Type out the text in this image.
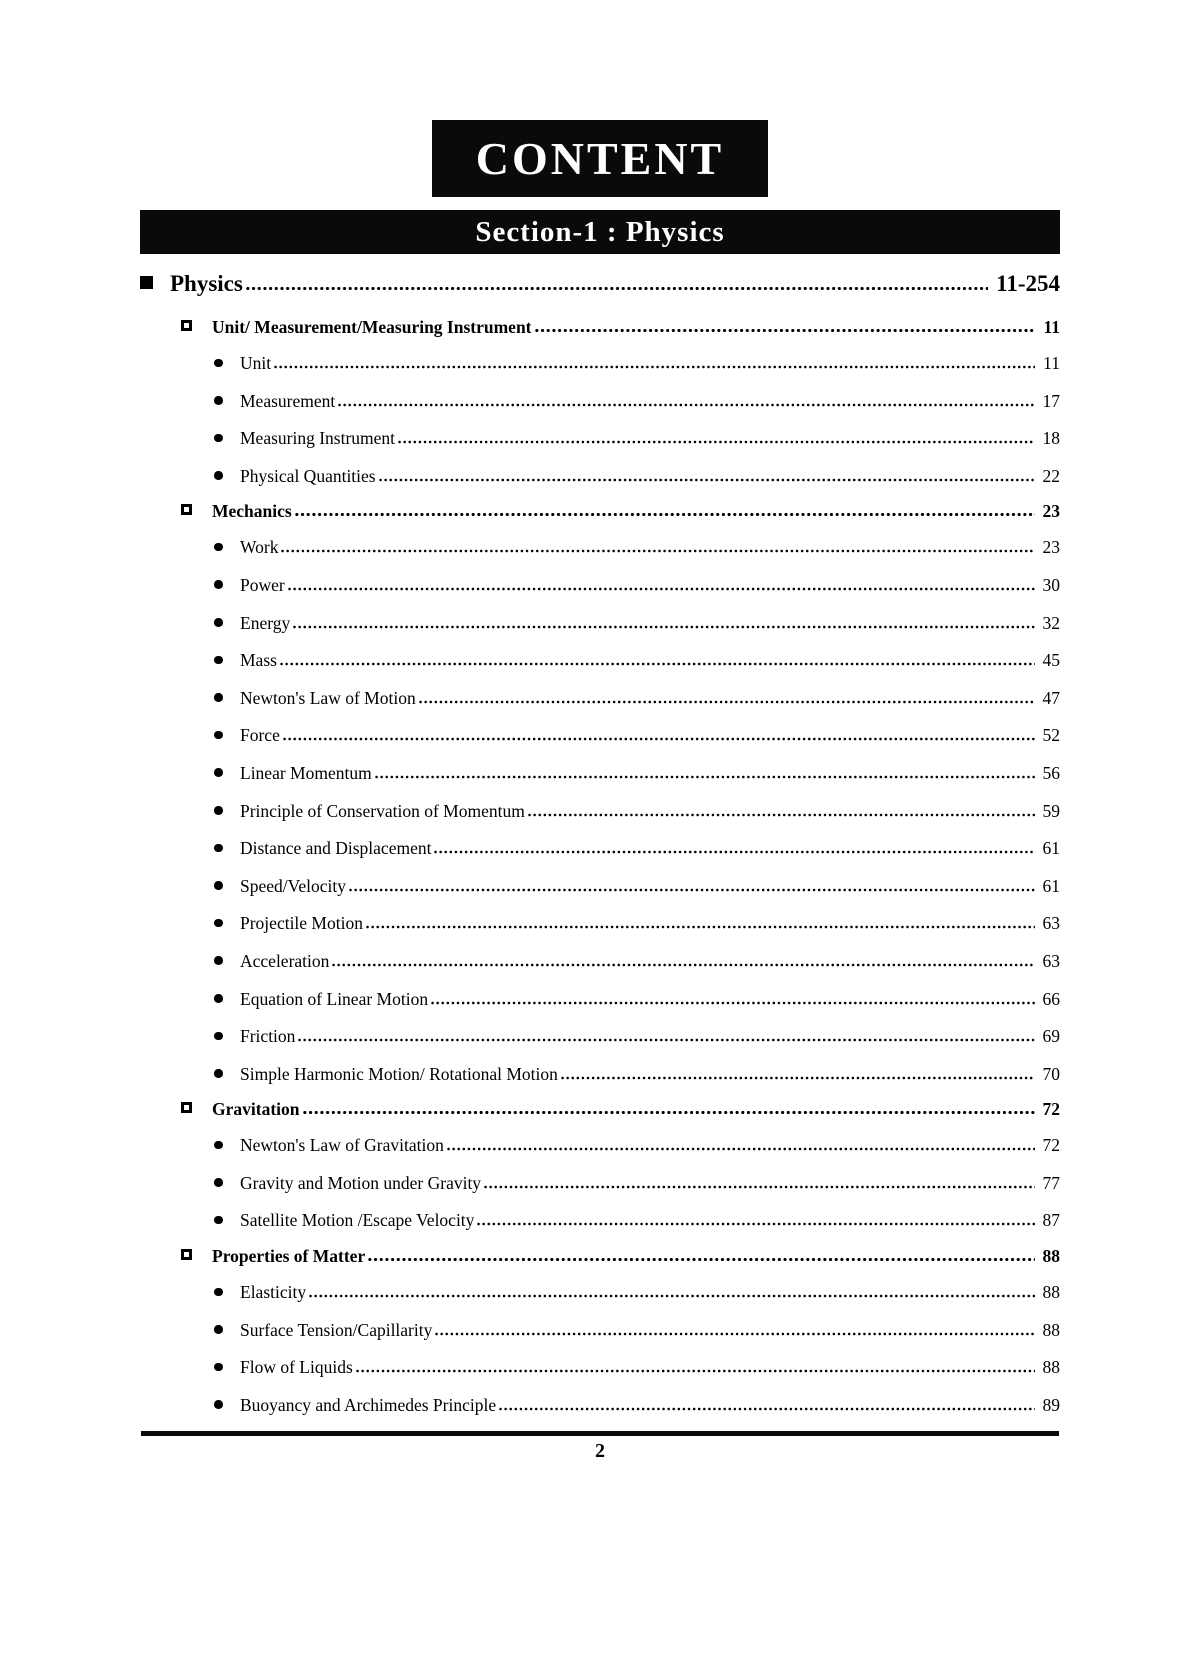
CONTENT
Section-1 : Physics
Physics	11-254
Unit/ Measurement/Measuring Instrument	11
Unit	11
Measurement	17
Measuring Instrument	18
Physical Quantities	22
Mechanics	23
Work	23
Power	30
Energy	32
Mass	45
Newton's Law of Motion	47
Force	52
Linear Momentum	56
Principle of Conservation of Momentum	59
Distance and Displacement	61
Speed/Velocity	61
Projectile Motion	63
Acceleration	63
Equation of Linear Motion	66
Friction	69
Simple Harmonic Motion/ Rotational Motion	70
Gravitation	72
Newton's Law of Gravitation	72
Gravity and Motion under Gravity	77
Satellite Motion /Escape Velocity	87
Properties of Matter	88
Elasticity	88
Surface Tension/Capillarity	88
Flow of Liquids	88
Buoyancy and Archimedes Principle	89
2
